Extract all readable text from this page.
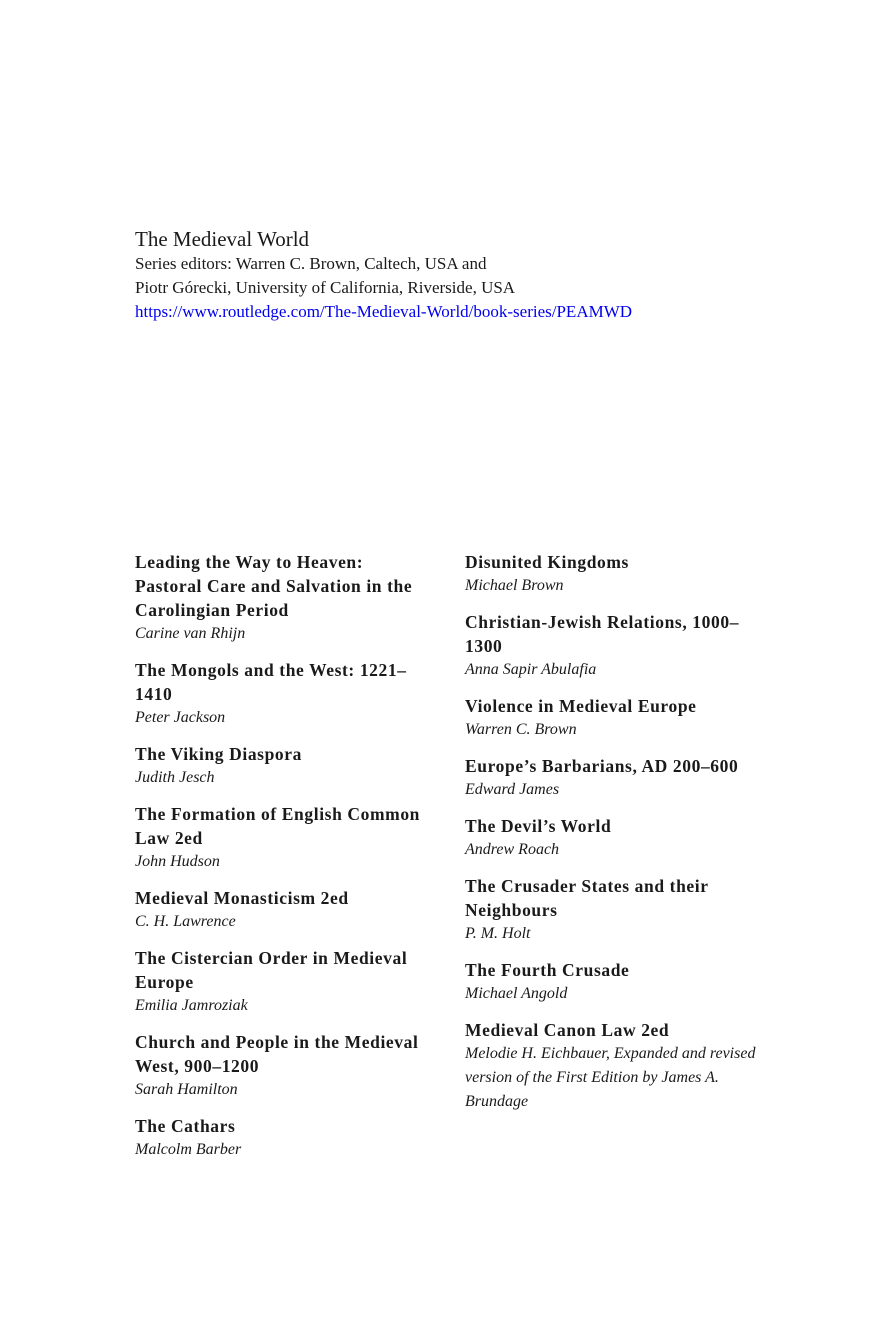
The Medieval World

Series editors: Warren C. Brown, Caltech, USA and

Piotr Górecki, University of California, Riverside, USA

https://www.routledge.com/The-Medieval-World/book-series/PEAMWD

Leading the Way to Heaven: Pastoral Care and Salvation in the Carolingian Period

Carine van Rhijn

The Mongols and the West: 1221–1410

Peter Jackson

The Viking Diaspora

Judith Jesch

The Formation of English Common Law 2ed

John Hudson

Medieval Monasticism 2ed

C. H. Lawrence

The Cistercian Order in Medieval Europe

Emilia Jamroziak

Church and People in the Medieval West, 900–1200

Sarah Hamilton

The Cathars

Malcolm Barber

Disunited Kingdoms

Michael Brown

Christian-Jewish Relations, 1000–1300

Anna Sapir Abulafia

Violence in Medieval Europe

Warren C. Brown

Europe’s Barbarians, AD 200–600

Edward James

The Devil’s World

Andrew Roach

The Crusader States and their Neighbours

P. M. Holt

The Fourth Crusade

Michael Angold

Medieval Canon Law 2ed

Melodie H. Eichbauer, Expanded and revised version of the First Edition by James A. Brundage
